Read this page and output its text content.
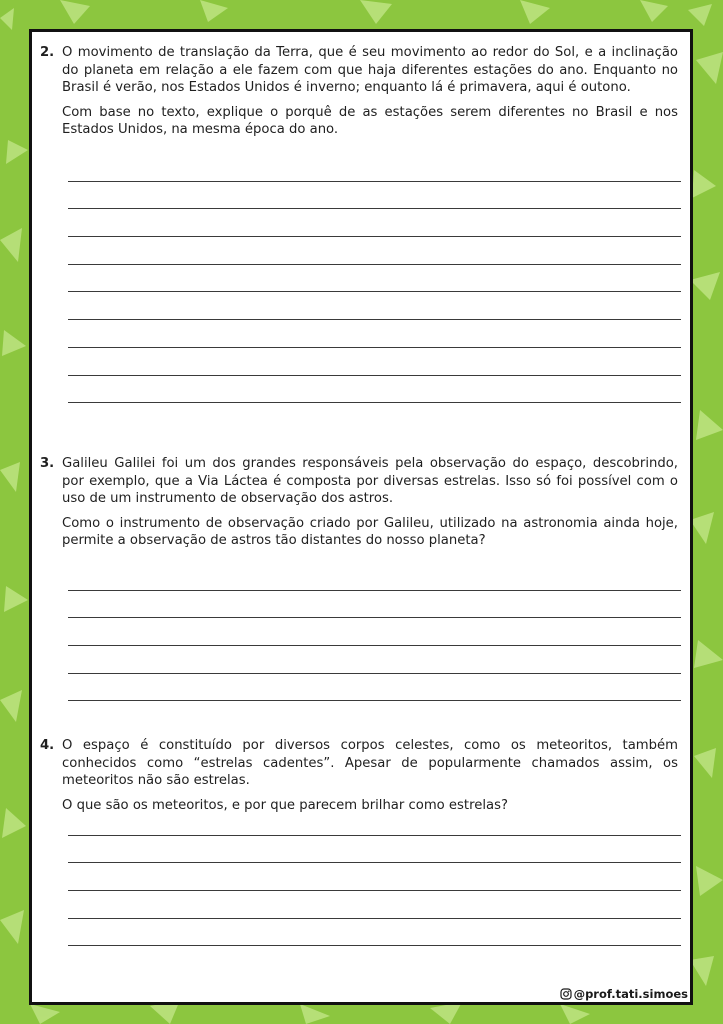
2. O movimento de translação da Terra, que é seu movimento ao redor do Sol, e a inclinação do planeta em relação a ele fazem com que haja diferentes estações do ano. Enquanto no Brasil é verão, nos Estados Unidos é inverno; enquanto lá é primavera, aqui é outono.

Com base no texto, explique o porquê de as estações serem diferentes no Brasil e nos Estados Unidos, na mesma época do ano.

3. Galileu Galilei foi um dos grandes responsáveis pela observação do espaço, descobrindo, por exemplo, que a Via Láctea é composta por diversas estrelas. Isso só foi possível com o uso de um instrumento de observação dos astros.

Como o instrumento de observação criado por Galileu, utilizado na astronomia ainda hoje, permite a observação de astros tão distantes do nosso planeta?

4. O espaço é constituído por diversos corpos celestes, como os meteoritos, também conhecidos como “estrelas cadentes”. Apesar de popularmente chamados assim, os meteoritos não são estrelas.

O que são os meteoritos, e por que parecem brilhar como estrelas?

@prof.tati.simoes
